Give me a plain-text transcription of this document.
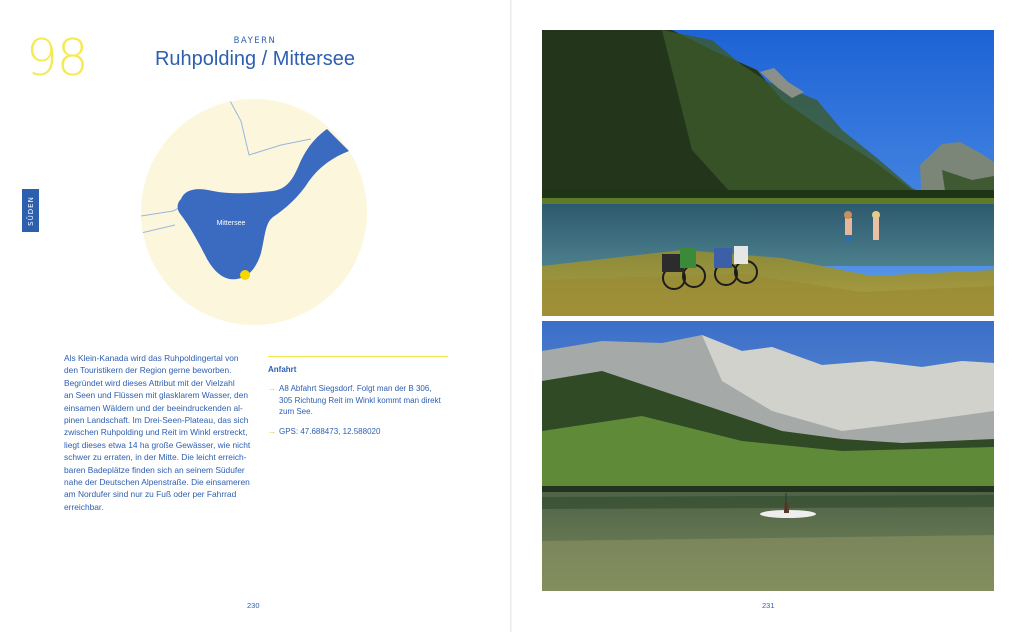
98	BAYERN
Ruhpolding / Mittersee
SÜDEN	Mittersee
Als Klein-Kanada wird das Ruhpoldingertal von
den Touristikern der Region gerne beworben.
Begründet wird dieses Attribut mit der Vielzahl
an Seen und Flüssen mit glasklarem Wasser, den
einsamen Wäldern und der beeindruckenden al-
pinen Landschaft. Im Drei-Seen-Plateau, das sich
zwischen Ruhpolding und Reit im Winkl erstreckt,
liegt dieses etwa 14 ha große Gewässer, wie nicht
schwer zu erraten, in der Mitte. Die leicht erreich-
baren Badeplätze finden sich an seinem Südufer
nahe der Deutschen Alpenstraße. Die einsameren
am Nordufer sind nur zu Fuß oder per Fahrrad
erreichbar.
Anfahrt
→ A8 Abfahrt Siegsdorf. Folgt man der B 306,
305 Richtung Reit im Winkl kommt man direkt
zum See.
→ GPS: 47.688473, 12.588020
230	231
